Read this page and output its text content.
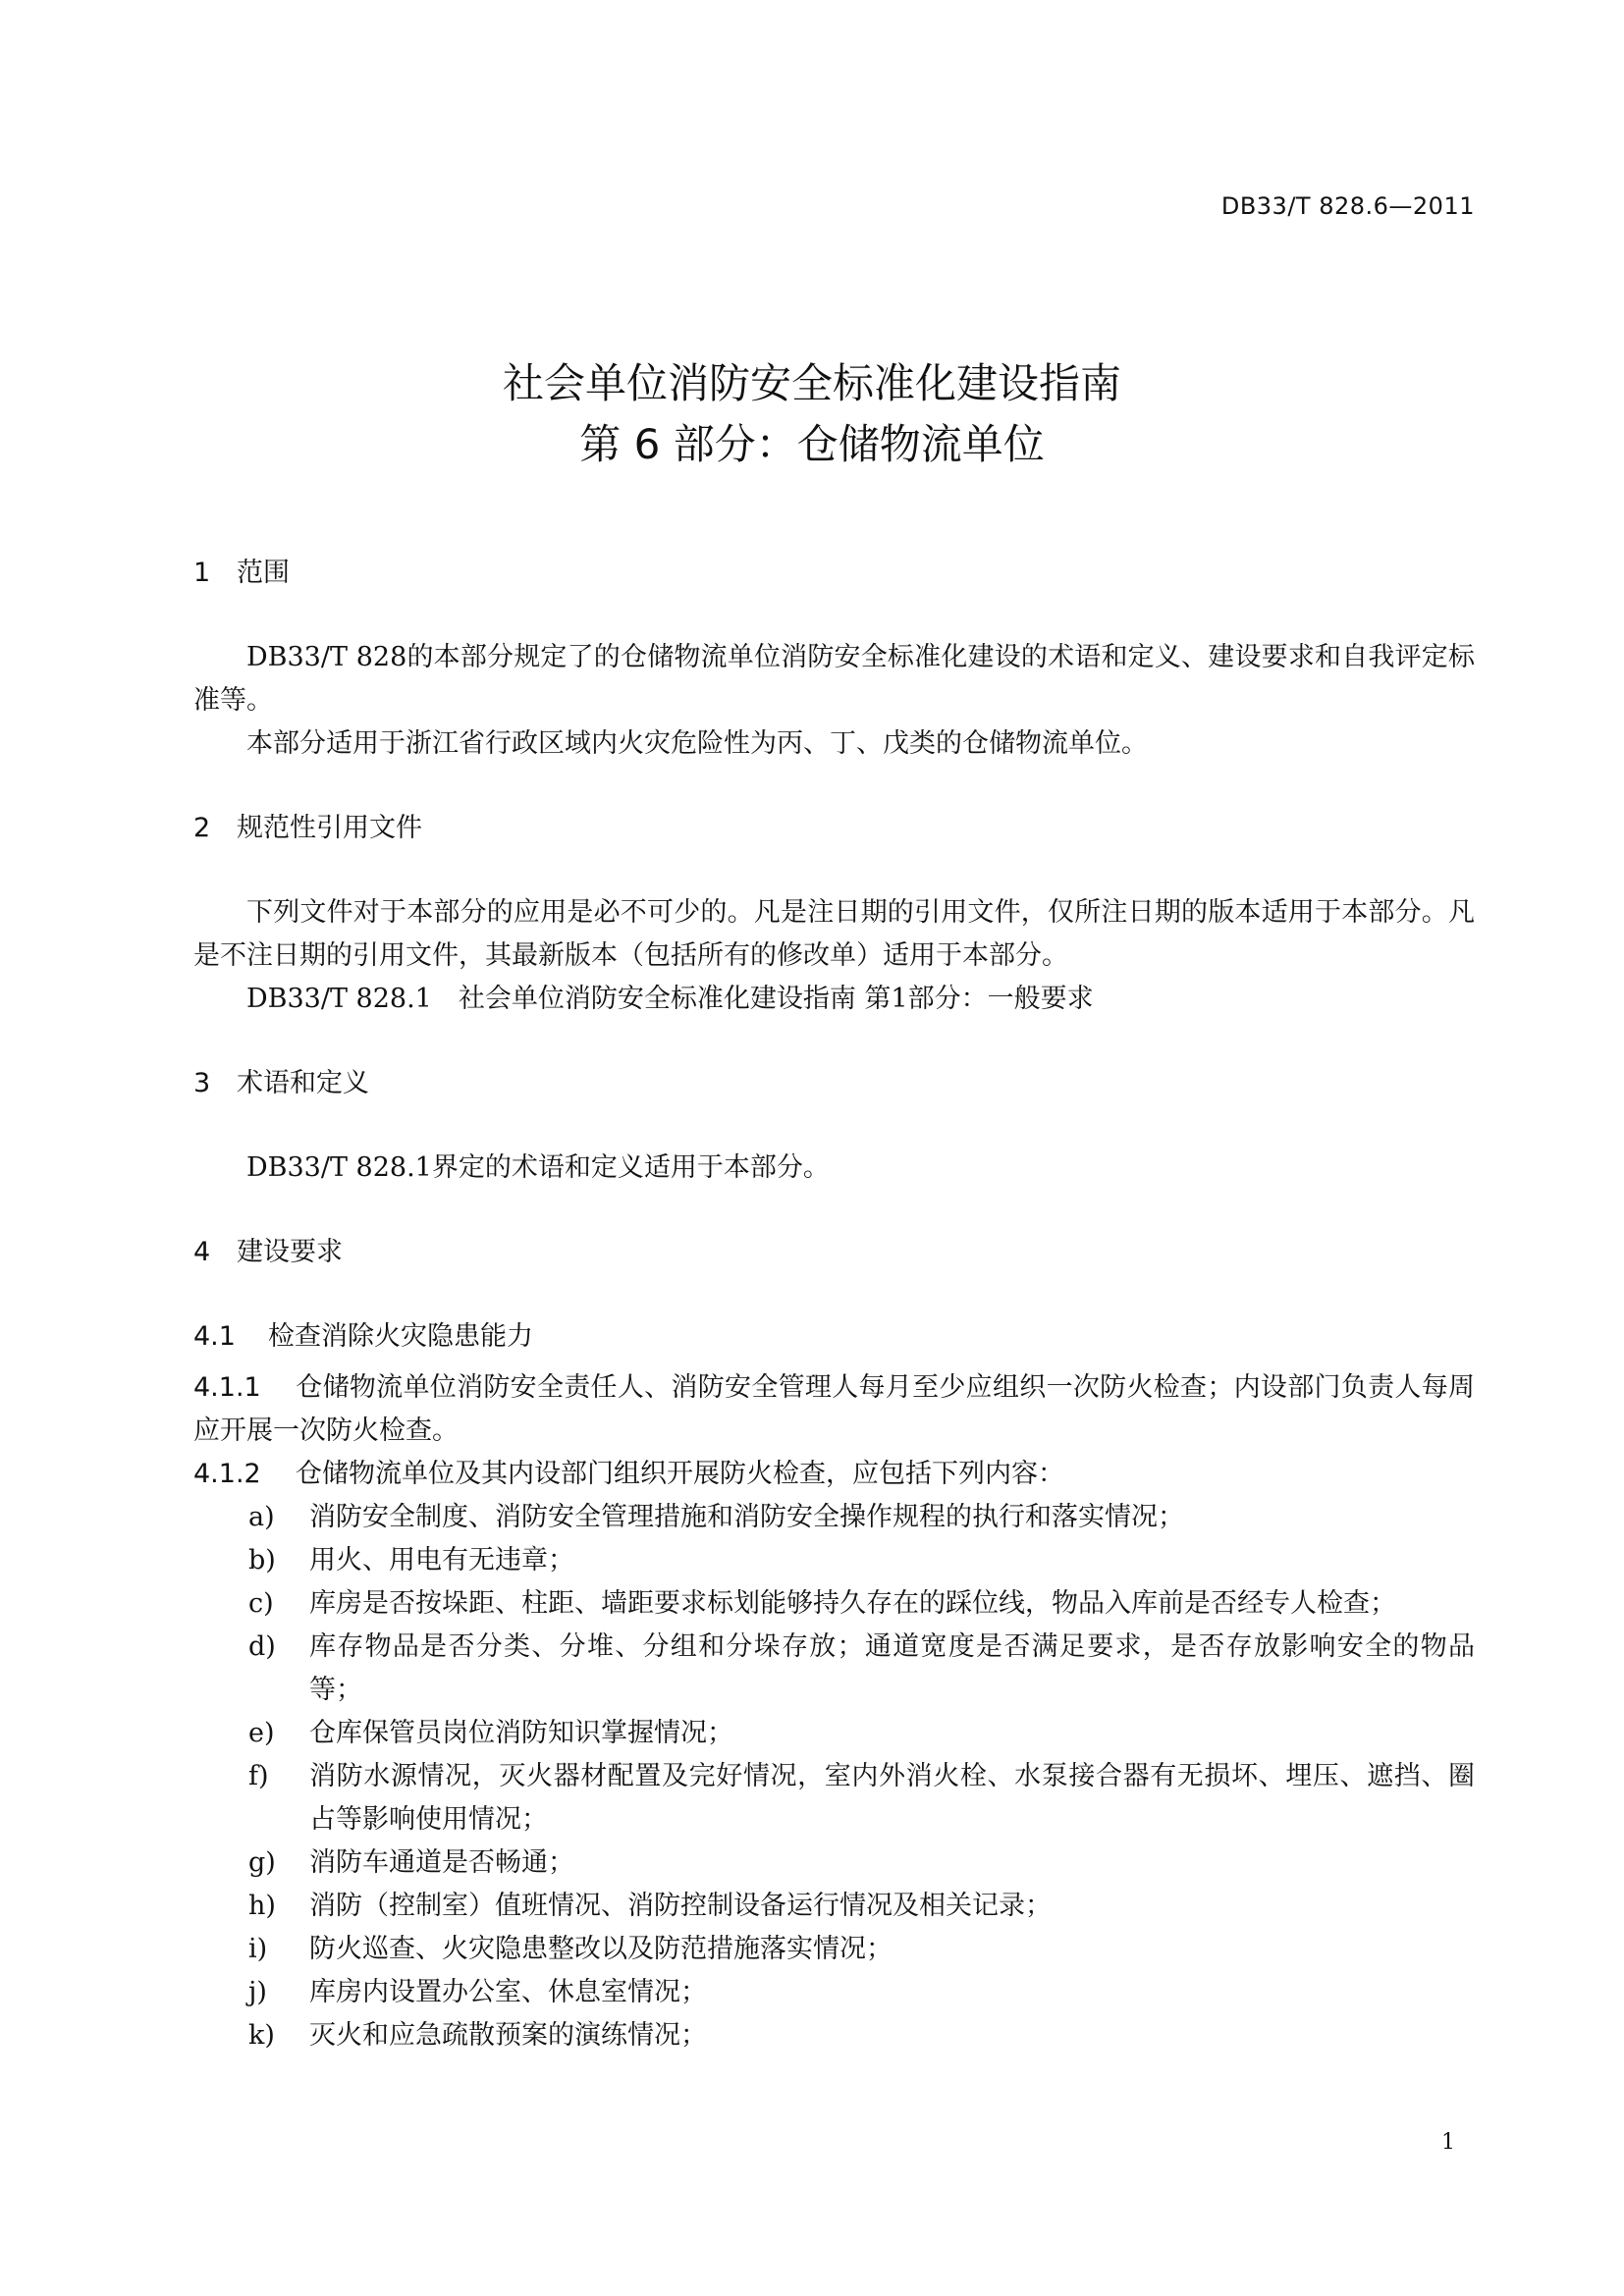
DB33/T 828.6—2011
社会单位消防安全标准化建设指南
第 6 部分：仓储物流单位
1 范围

DB33/T 828的本部分规定了的仓储物流单位消防安全标准化建设的术语和定义、建设要求和自我评定标准等。

本部分适用于浙江省行政区域内火灾危险性为丙、丁、戊类的仓储物流单位。

2 规范性引用文件

下列文件对于本部分的应用是必不可少的。凡是注日期的引用文件，仅所注日期的版本适用于本部分。凡是不注日期的引用文件，其最新版本（包括所有的修改单）适用于本部分。

DB33/T 828.1　社会单位消防安全标准化建设指南 第1部分：一般要求

3 术语和定义

DB33/T 828.1界定的术语和定义适用于本部分。

4 建设要求
4.1 检查消除火灾隐患能力

4.1.1 仓储物流单位消防安全责任人、消防安全管理人每月至少应组织一次防火检查；内设部门负责人每周应开展一次防火检查。

4.1.2 仓储物流单位及其内设部门组织开展防火检查，应包括下列内容：

a)	消防安全制度、消防安全管理措施和消防安全操作规程的执行和落实情况；
b)	用火、用电有无违章；
c)	库房是否按垛距、柱距、墙距要求标划能够持久存在的踩位线，物品入库前是否经专人检查；
d)	库存物品是否分类、分堆、分组和分垛存放；通道宽度是否满足要求，是否存放影响安全的物品等；
e)	仓库保管员岗位消防知识掌握情况；
f)	消防水源情况，灭火器材配置及完好情况，室内外消火栓、水泵接合器有无损坏、埋压、遮挡、圈占等影响使用情况；
g)	消防车通道是否畅通；
h)	消防（控制室）值班情况、消防控制设备运行情况及相关记录；
i)	防火巡查、火灾隐患整改以及防范措施落实情况；
j)	库房内设置办公室、休息室情况；
k)	灭火和应急疏散预案的演练情况；
1
